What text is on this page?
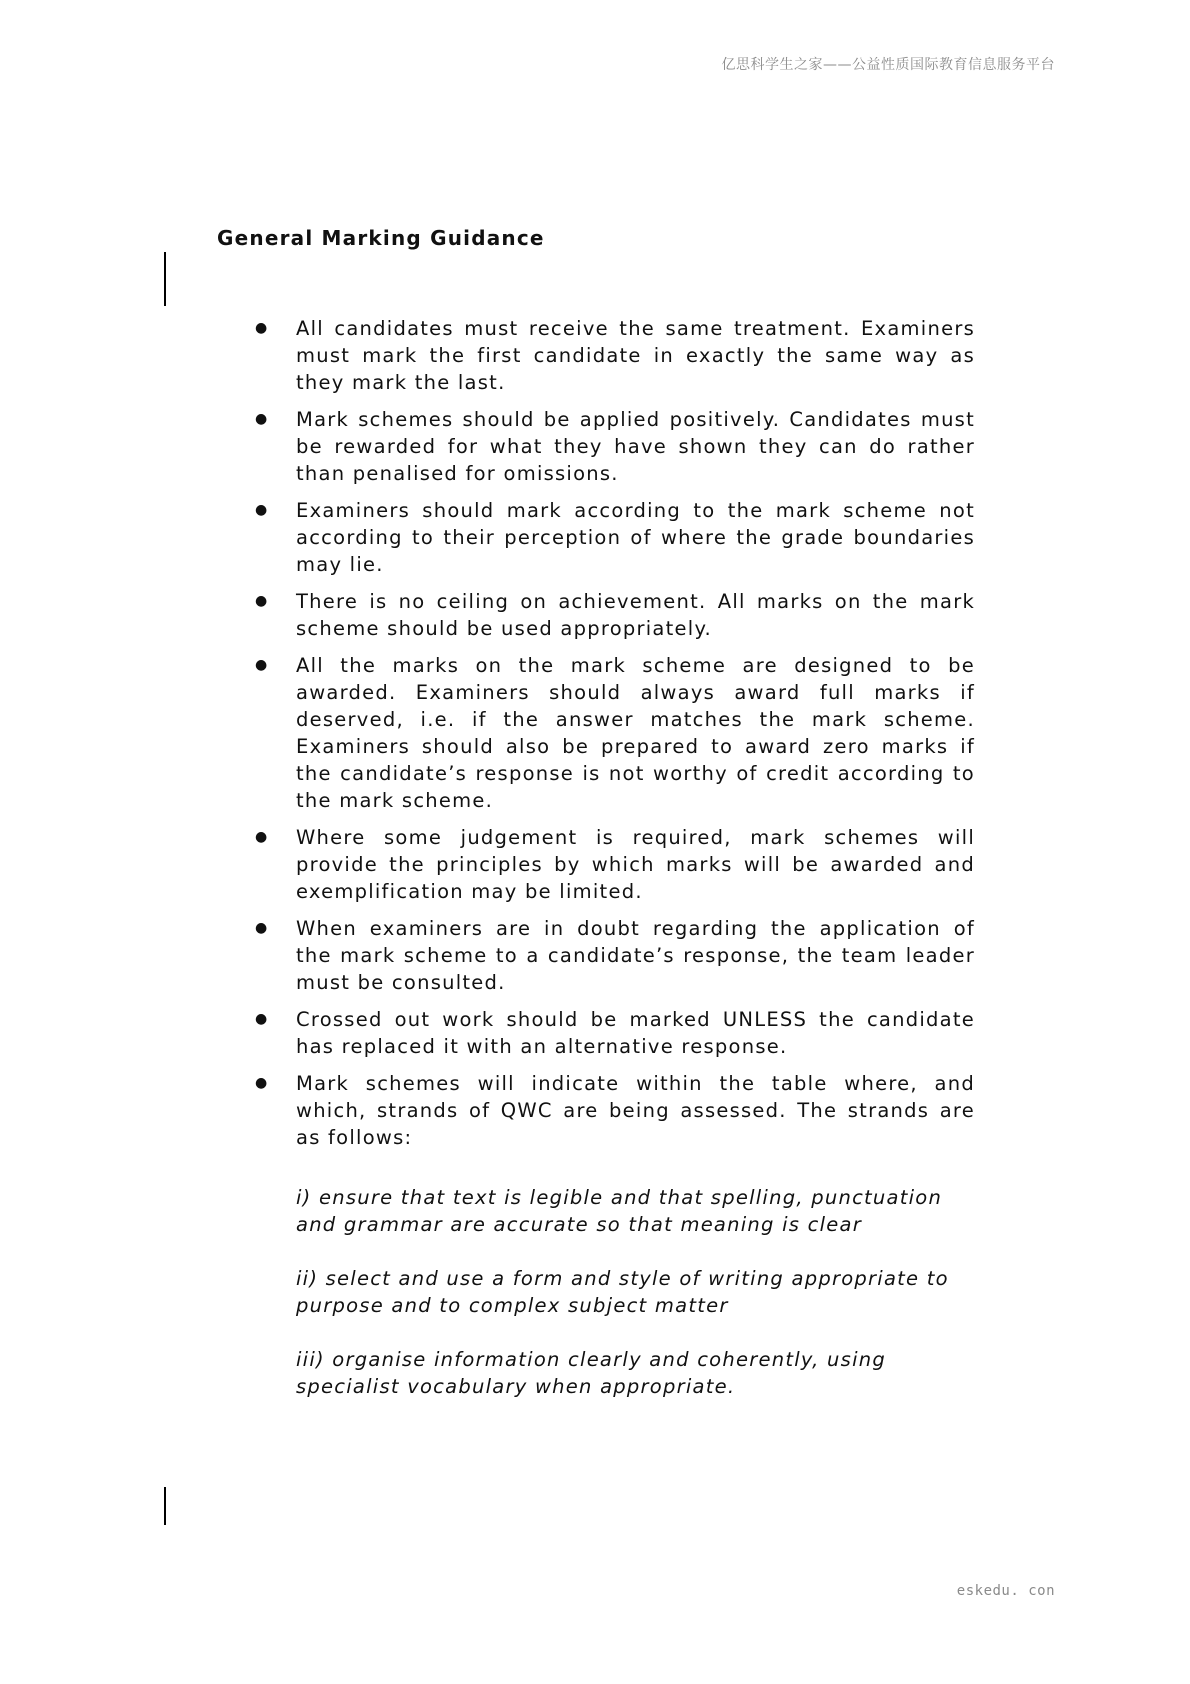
亿思科学生之家——公益性质国际教育信息服务平台
General Marking Guidance
●	All candidates must receive the same treatment. Examiners must mark the first candidate in exactly the same way as they mark the last.
●	Mark schemes should be applied positively. Candidates must be rewarded for what they have shown they can do rather than penalised for omissions.
●	Examiners should mark according to the mark scheme not according to their perception of where the grade boundaries may lie.
●	There is no ceiling on achievement. All marks on the mark scheme should be used appropriately.
●	All the marks on the mark scheme are designed to be awarded. Examiners should always award full marks if deserved, i.e. if the answer matches the mark scheme. Examiners should also be prepared to award zero marks if the candidate’s response is not worthy of credit according to the mark scheme.
●	Where some judgement is required, mark schemes will provide the principles by which marks will be awarded and exemplification may be limited.
●	When examiners are in doubt regarding the application of the mark scheme to a candidate’s response, the team leader must be consulted.
●	Crossed out work should be marked UNLESS the candidate has replaced it with an alternative response.
●	Mark schemes will indicate within the table where, and which, strands of QWC are being assessed. The strands are as follows:

i) ensure that text is legible and that spelling, punctuation and grammar are accurate so that meaning is clear

ii) select and use a form and style of writing appropriate to purpose and to complex subject matter

iii) organise information clearly and coherently, using specialist vocabulary when appropriate.

eskedu. con
